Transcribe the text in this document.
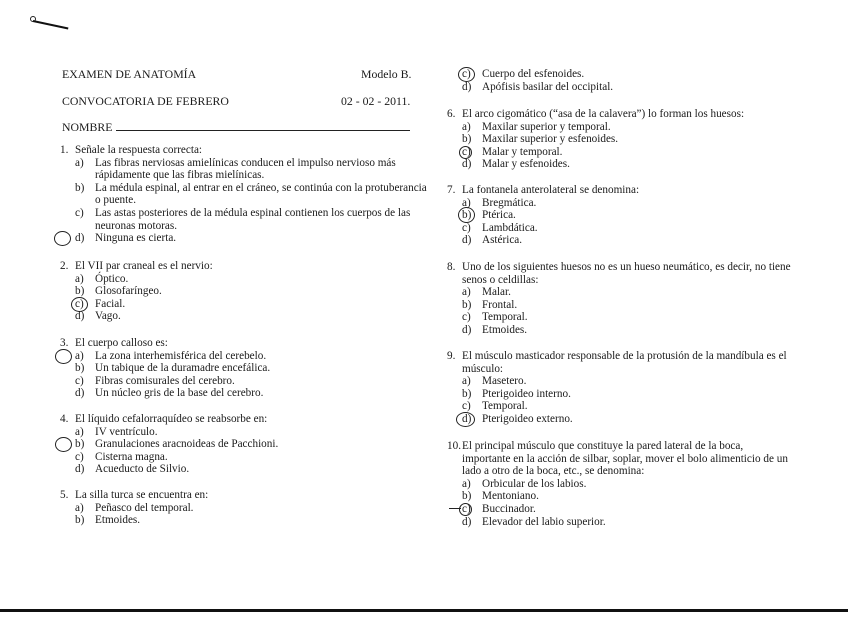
EXAMEN DE ANATOMÍA	Modelo B.
CONVOCATORIA DE FEBRERO	02 - 02 - 2011.
NOMBRE
1. Señale la respuesta correcta:
a) Las fibras nerviosas amielínicas conducen el impulso nervioso más rápidamente que las fibras mielínicas.
b) La médula espinal, al entrar en el cráneo, se continúa con la protuberancia o puente.
c) Las astas posteriores de la médula espinal contienen los cuerpos de las neuronas motoras.
d) Ninguna es cierta.
2. El VII par craneal es el nervio:
a) Óptico.
b) Glosofaríngeo.
c) Facial.
d) Vago.
3. El cuerpo calloso es:
a) La zona interhemisférica del cerebelo.
b) Un tabique de la duramadre encefálica.
c) Fibras comisurales del cerebro.
d) Un núcleo gris de la base del cerebro.
4. El líquido cefalorraquídeo se reabsorbe en:
a) IV ventrículo.
b) Granulaciones aracnoideas de Pacchioni.
c) Cisterna magna.
d) Acueducto de Silvio.
5. La silla turca se encuentra en:
a) Peñasco del temporal.
b) Etmoides.
c) Cuerpo del esfenoides.
d) Apófisis basilar del occipital.
6. El arco cigomático (“asa de la calavera”) lo forman los huesos:
a) Maxilar superior y temporal.
b) Maxilar superior y esfenoides.
c) Malar y temporal.
d) Malar y esfenoides.
7. La fontanela anterolateral se denomina:
a) Bregmática.
b) Ptérica.
c) Lambdática.
d) Astérica.
8. Uno de los siguientes huesos no es un hueso neumático, es decir, no tiene senos o celdillas:
a) Malar.
b) Frontal.
c) Temporal.
d) Etmoides.
9. El músculo masticador responsable de la protusión de la mandíbula es el músculo:
a) Masetero.
b) Pterigoideo interno.
c) Temporal.
d) Pterigoideo externo.
10. El principal músculo que constituye la pared lateral de la boca, importante en la acción de silbar, soplar, mover el bolo alimenticio de un lado a otro de la boca, etc., se denomina:
a) Orbicular de los labios.
b) Mentoniano.
c) Buccinador.
d) Elevador del labio superior.
